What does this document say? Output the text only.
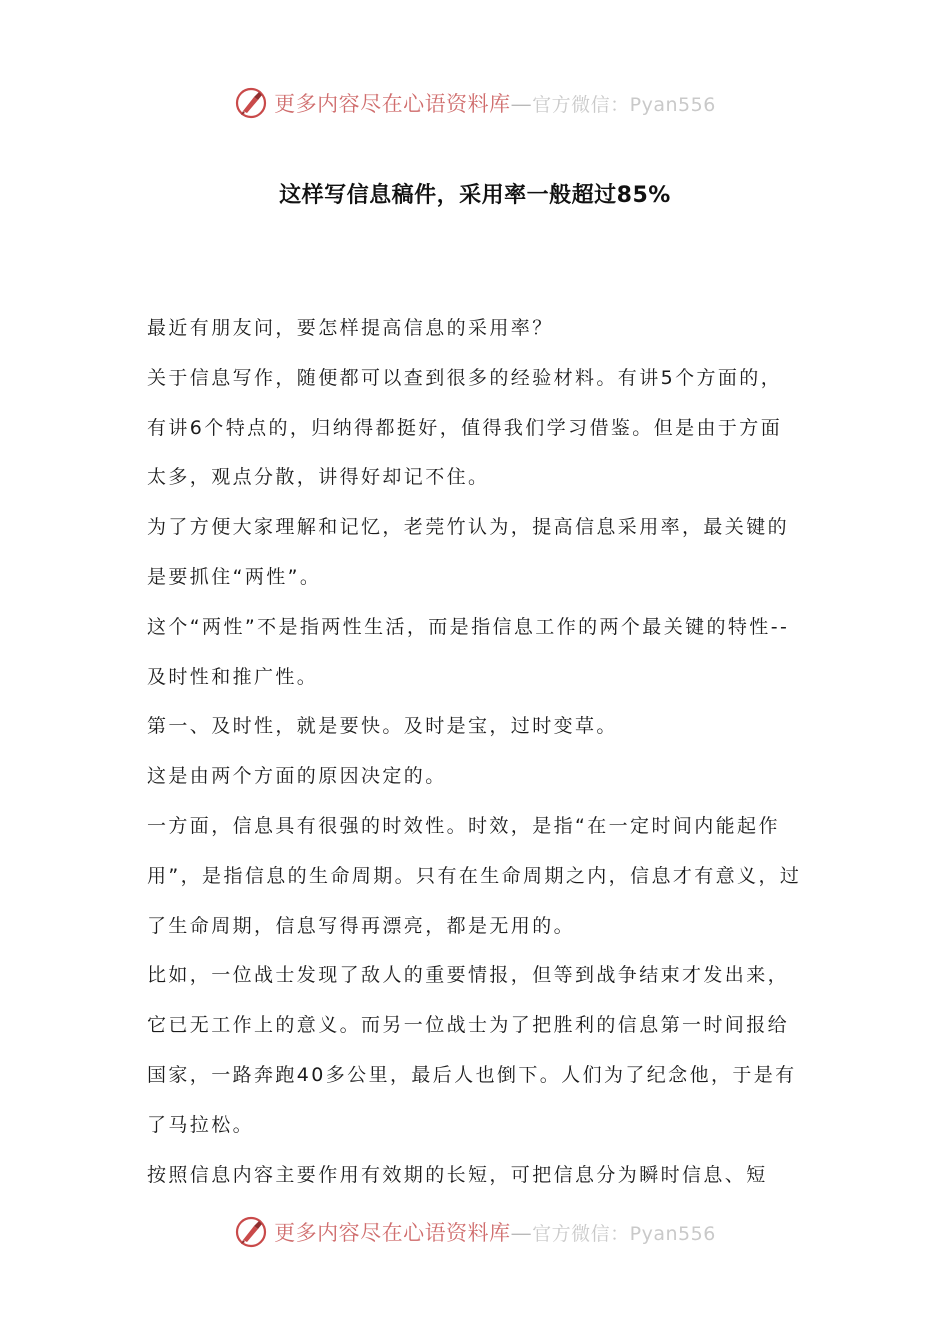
更多内容尽在心语资料库—官方微信：Pyan556
这样写信息稿件，采用率一般超过85%

最近有朋友问，要怎样提高信息的采用率？

关于信息写作，随便都可以查到很多的经验材料。有讲5个方面的，有讲6个特点的，归纳得都挺好，值得我们学习借鉴。但是由于方面太多，观点分散，讲得好却记不住。

为了方便大家理解和记忆，老莞竹认为，提高信息采用率，最关键的是要抓住“两性”。

这个“两性”不是指两性生活，而是指信息工作的两个最关键的特性--及时性和推广性。

第一、及时性，就是要快。及时是宝，过时变草。

这是由两个方面的原因决定的。

一方面，信息具有很强的时效性。时效，是指“在一定时间内能起作用”，是指信息的生命周期。只有在生命周期之内，信息才有意义，过了生命周期，信息写得再漂亮，都是无用的。

比如，一位战士发现了敌人的重要情报，但等到战争结束才发出来，它已无工作上的意义。而另一位战士为了把胜利的信息第一时间报给国家，一路奔跑40多公里，最后人也倒下。人们为了纪念他，于是有了马拉松。

按照信息内容主要作用有效期的长短，可把信息分为瞬时信息、短

更多内容尽在心语资料库—官方微信：Pyan556
